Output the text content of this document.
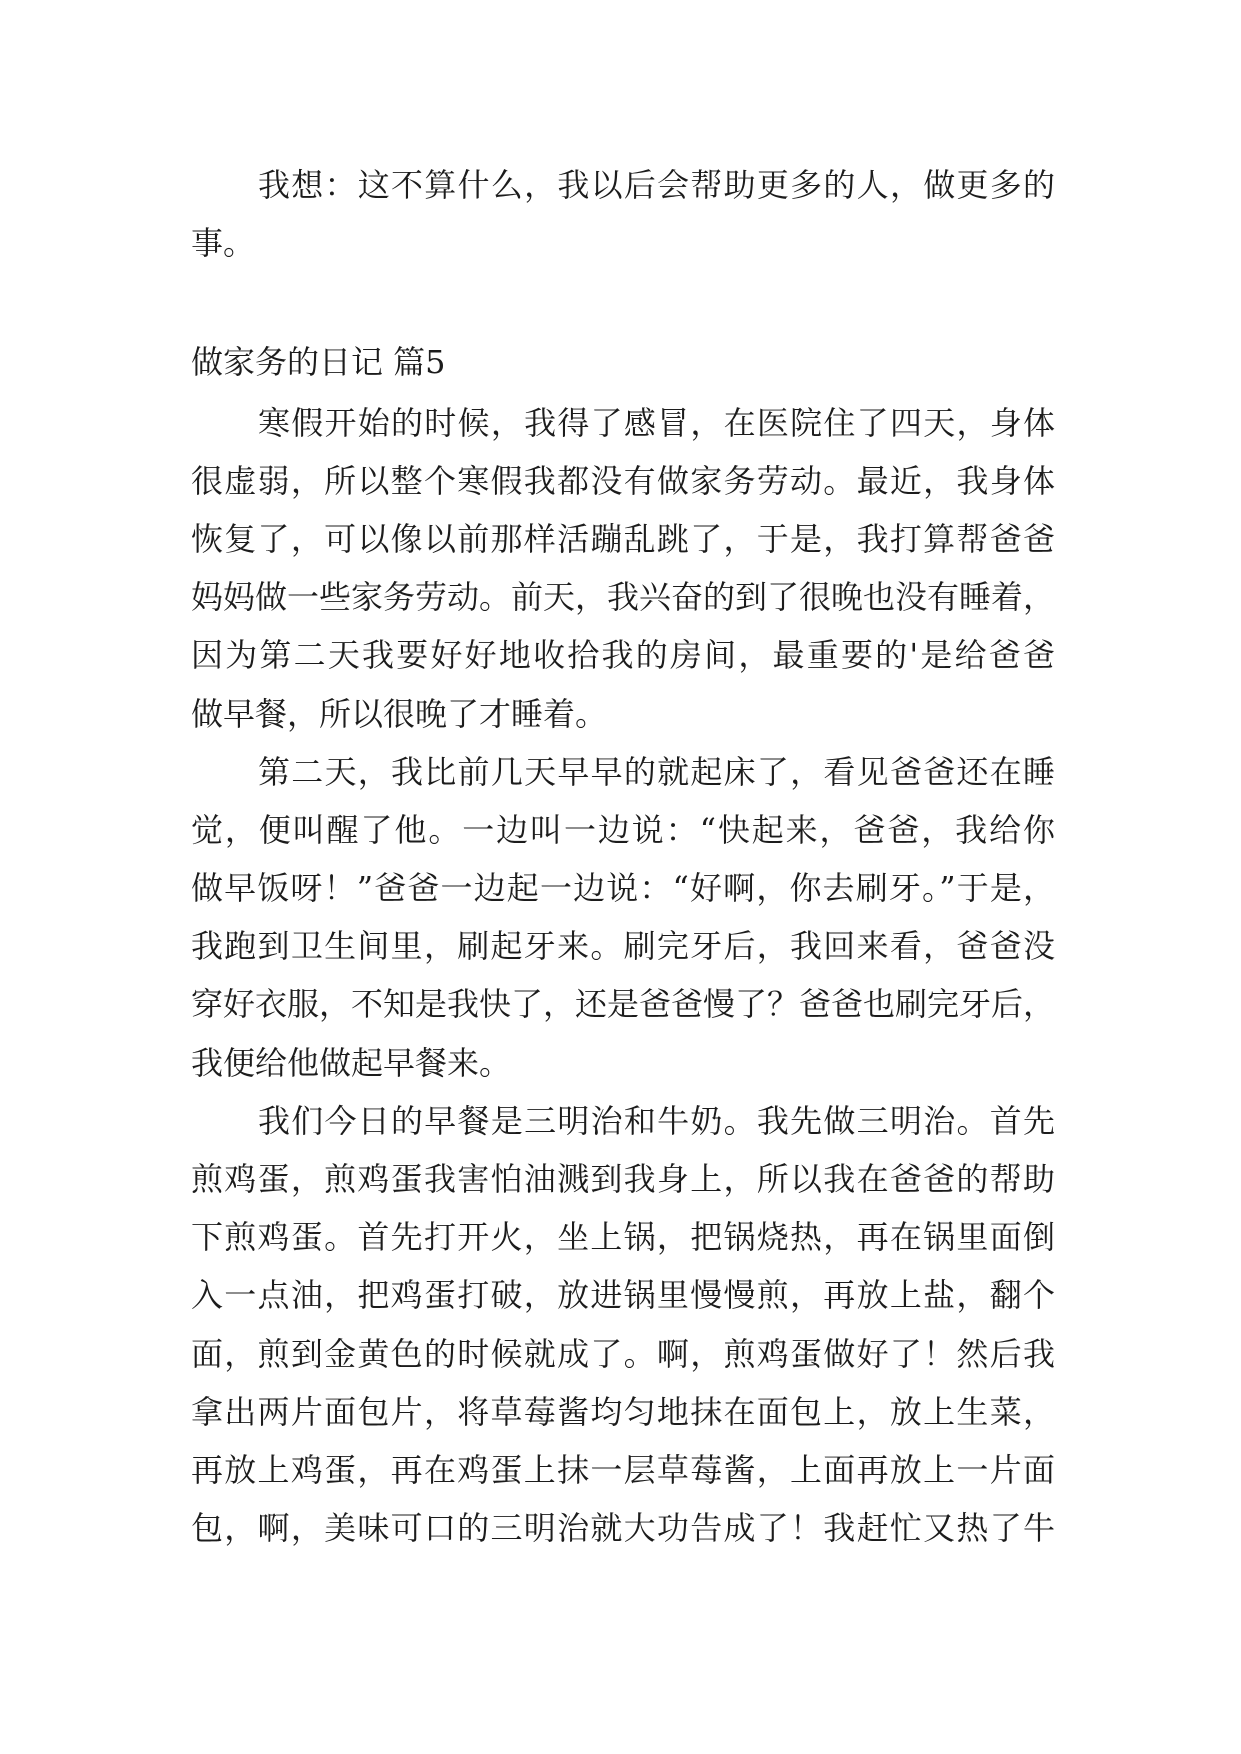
我想：这不算什么，我以后会帮助更多的人，做更多的
事。
做家务的日记 篇5
寒假开始的时候，我得了感冒，在医院住了四天，身体
很虚弱，所以整个寒假我都没有做家务劳动。最近，我身体
恢复了，可以像以前那样活蹦乱跳了，于是，我打算帮爸爸
妈妈做一些家务劳动。前天，我兴奋的到了很晚也没有睡着，
因为第二天我要好好地收拾我的房间，最重要的'是给爸爸
做早餐，所以很晚了才睡着。
第二天，我比前几天早早的就起床了，看见爸爸还在睡
觉，便叫醒了他。一边叫一边说：“快起来，爸爸，我给你
做早饭呀！”爸爸一边起一边说：“好啊，你去刷牙。”于是，
我跑到卫生间里，刷起牙来。刷完牙后，我回来看，爸爸没
穿好衣服，不知是我快了，还是爸爸慢了？爸爸也刷完牙后，
我便给他做起早餐来。
我们今日的早餐是三明治和牛奶。我先做三明治。首先
煎鸡蛋，煎鸡蛋我害怕油溅到我身上，所以我在爸爸的帮助
下煎鸡蛋。首先打开火，坐上锅，把锅烧热，再在锅里面倒
入一点油，把鸡蛋打破，放进锅里慢慢煎，再放上盐，翻个
面，煎到金黄色的时候就成了。啊，煎鸡蛋做好了！然后我
拿出两片面包片，将草莓酱均匀地抹在面包上，放上生菜，
再放上鸡蛋，再在鸡蛋上抹一层草莓酱，上面再放上一片面
包，啊，美味可口的三明治就大功告成了！我赶忙又热了牛
